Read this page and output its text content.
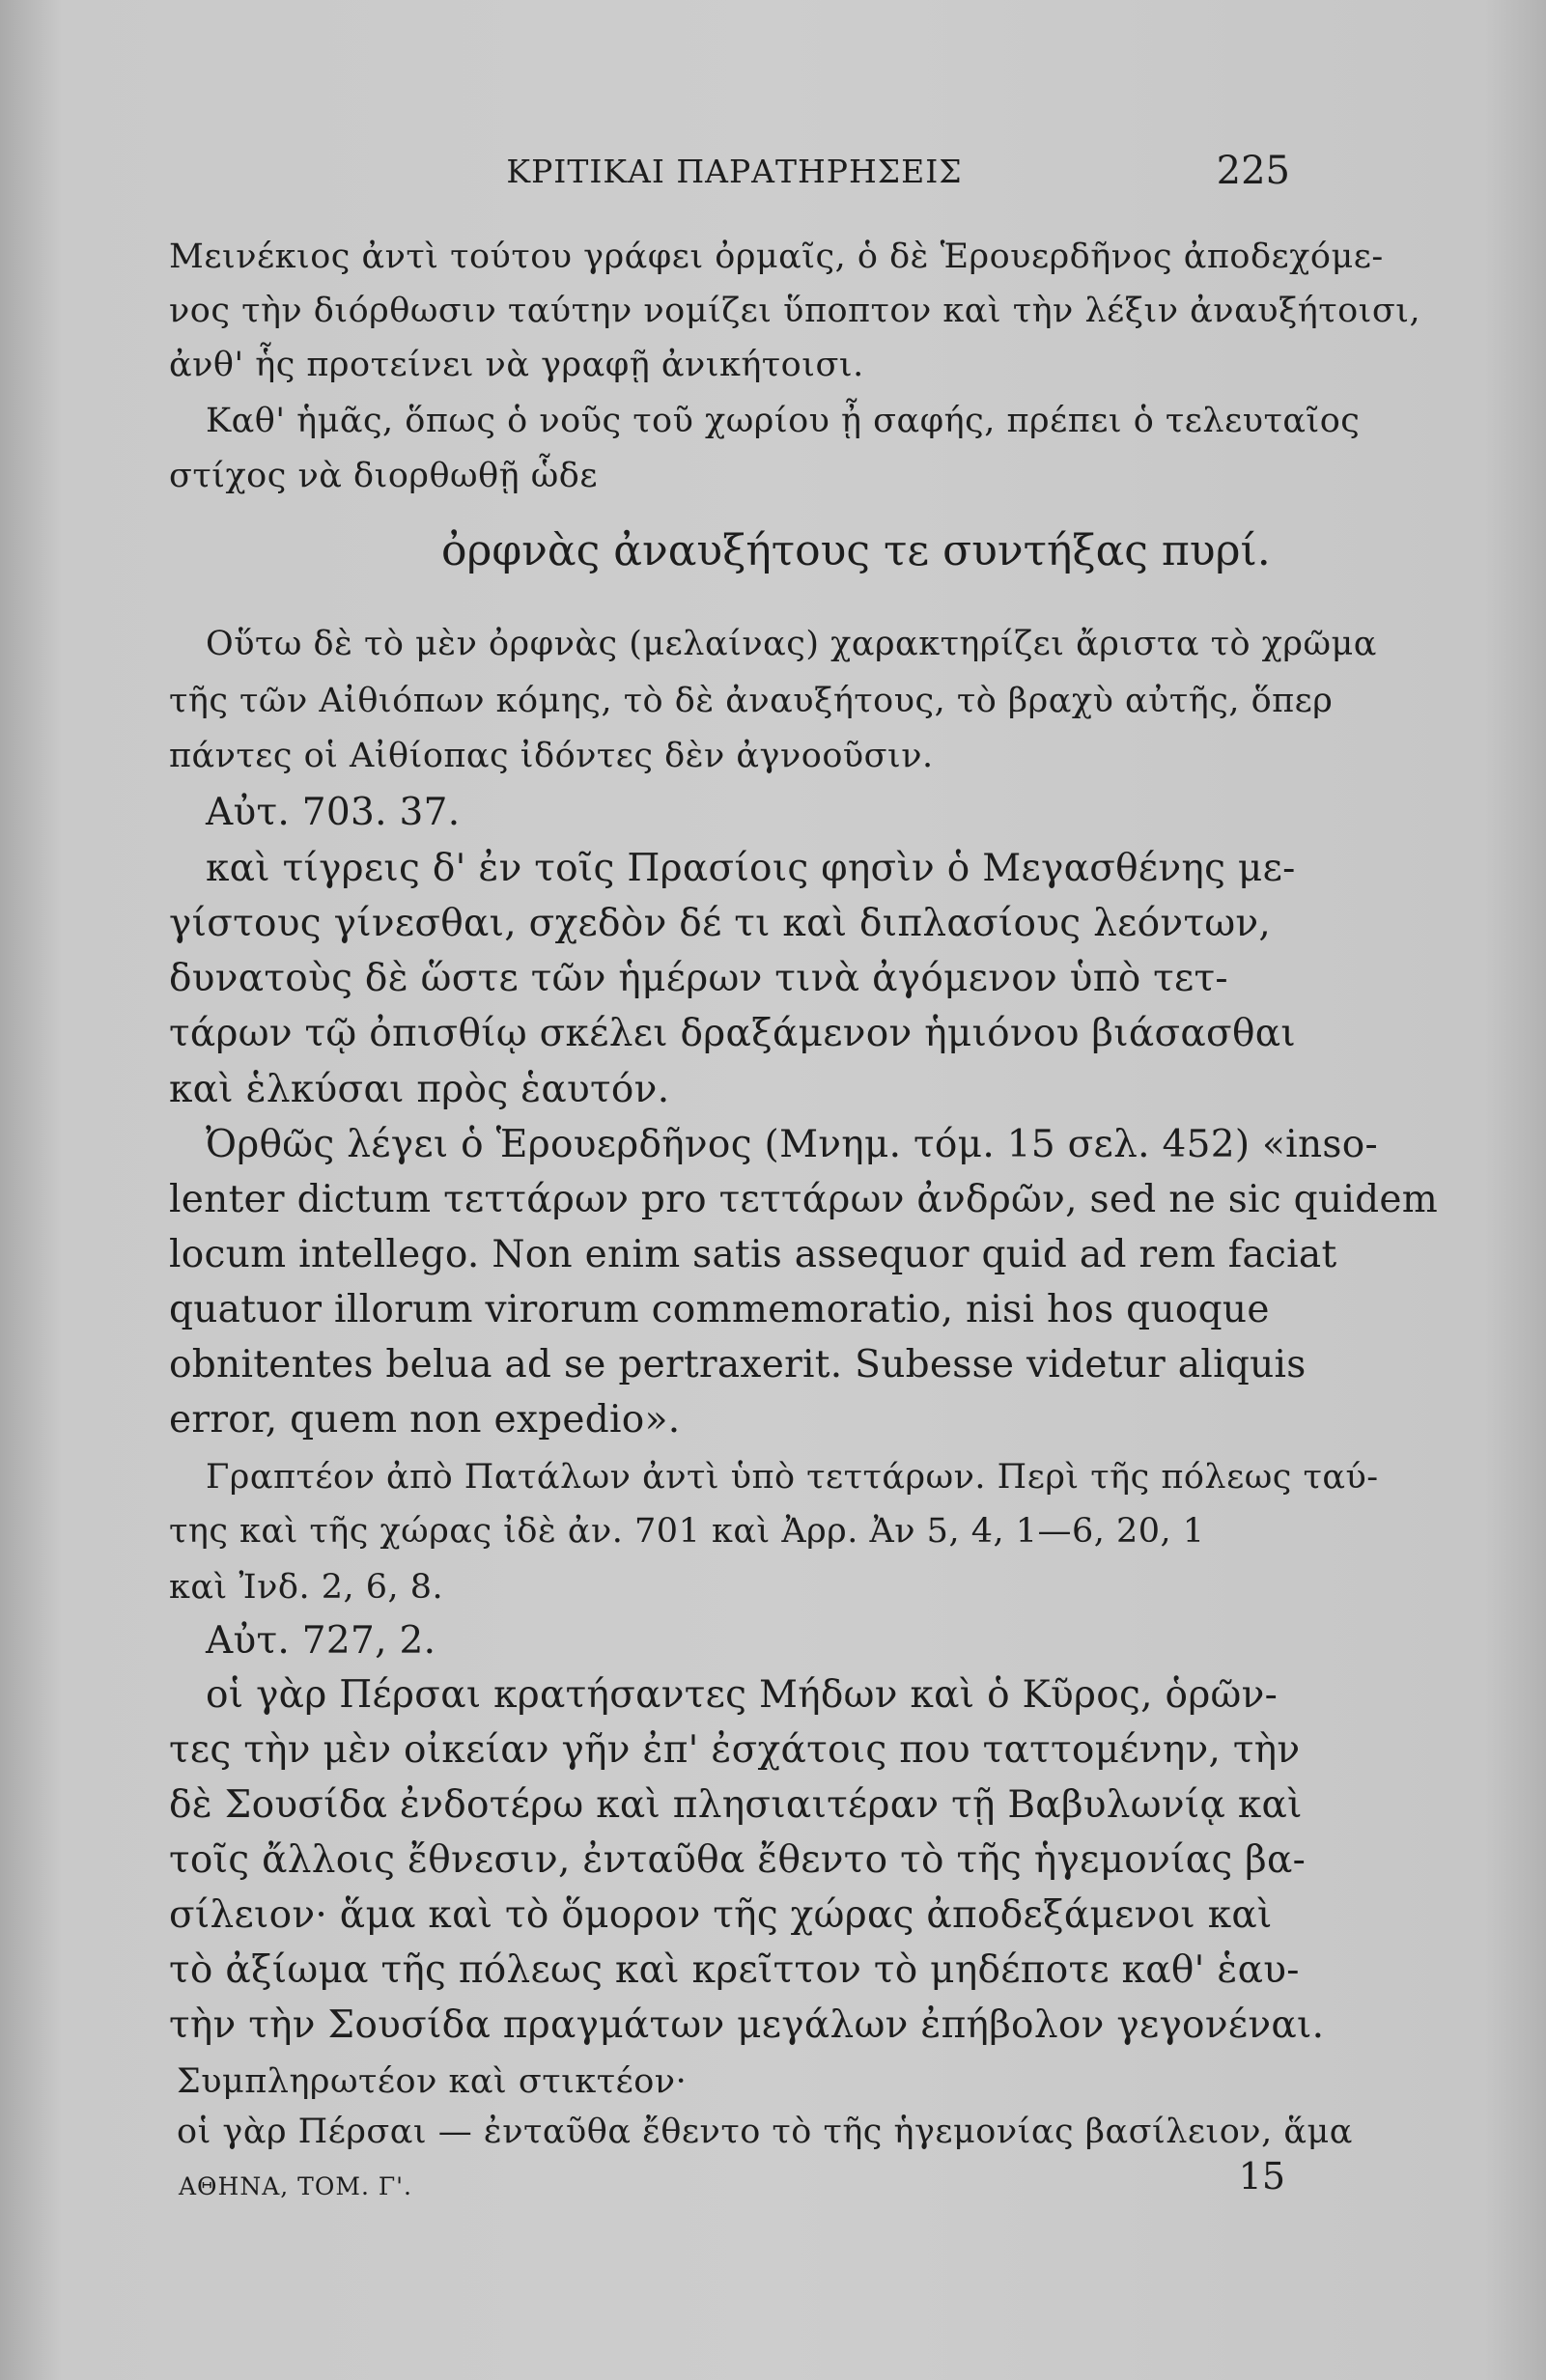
ΚΡΙΤΙΚΑΙ ΠΑΡΑΤΗΡΗΣΕΙΣ	225

Μεινέκιος ἀντὶ τούτου γράφει ὀρμαῖς, ὁ δὲ Ἑρουερδῆνος ἀποδεχόμε-

νος τὴν διόρθωσιν ταύτην νομίζει ὕποπτον καὶ τὴν λέξιν ἀναυξήτοισι,

ἀνθ' ἧς προτείνει νὰ γραφῇ ἀνικήτοισι.

Καθ' ἡμᾶς, ὅπως ὁ νοῦς τοῦ χωρίου ᾖ σαφής, πρέπει ὁ τελευταῖος

στίχος νὰ διορθωθῇ ὧδε

ὀρφνὰς ἀναυξήτους τε συντήξας πυρί.

Οὕτω δὲ τὸ μὲν ὀρφνὰς (μελαίνας) χαρακτηρίζει ἄριστα τὸ χρῶμα

τῆς τῶν Αἰθιόπων κόμης, τὸ δὲ ἀναυξήτους, τὸ βραχὺ αὐτῆς, ὅπερ

πάντες οἱ Αἰθίοπας ἰδόντες δὲν ἀγνοοῦσιν.

Αὐτ. 703. 37.

καὶ τίγρεις δ' ἐν τοῖς Πρασίοις φησὶν ὁ Μεγασθένης με-

γίστους γίνεσθαι, σχεδὸν δέ τι καὶ διπλασίους λεόντων,

δυνατοὺς δὲ ὥστε τῶν ἡμέρων τινὰ ἀγόμενον ὑπὸ τετ-

τάρων τῷ ὀπισθίῳ σκέλει δραξάμενον ἡμιόνου βιάσασθαι

καὶ ἑλκύσαι πρὸς ἑαυτόν.

Ὀρθῶς λέγει ὁ Ἑρουερδῆνος (Μνημ. τόμ. 15 σελ. 452) «inso-

lenter dictum τεττάρων pro τεττάρων ἀνδρῶν, sed ne sic quidem

locum intellego. Non enim satis assequor quid ad rem faciat

quatuor illorum virorum commemoratio, nisi hos quoque

obnitentes belua ad se pertraxerit. Subesse videtur aliquis

error, quem non expedio».

Γραπτέον ἀπὸ Πατάλων ἀντὶ ὑπὸ τεττάρων. Περὶ τῆς πόλεως ταύ-

της καὶ τῆς χώρας ἰδὲ ἀν. 701 καὶ Ἀρρ. Ἀν 5, 4, 1—6, 20, 1

καὶ Ἰνδ. 2, 6, 8.

Αὐτ. 727, 2.

οἱ γὰρ Πέρσαι κρατήσαντες Μήδων καὶ ὁ Κῦρος, ὁρῶν-

τες τὴν μὲν οἰκείαν γῆν ἐπ' ἐσχάτοις που ταττομένην, τὴν

δὲ Σουσίδα ἐνδοτέρω καὶ πλησιαιτέραν τῇ Βαβυλωνίᾳ καὶ

τοῖς ἄλλοις ἔθνεσιν, ἐνταῦθα ἔθεντο τὸ τῆς ἡγεμονίας βα-

σίλειον· ἅμα καὶ τὸ ὅμορον τῆς χώρας ἀποδεξάμενοι καὶ

τὸ ἀξίωμα τῆς πόλεως καὶ κρεῖττον τὸ μηδέποτε καθ' ἑαυ-

τὴν τὴν Σουσίδα πραγμάτων μεγάλων ἐπήβολον γεγονέναι.

Συμπληρωτέον καὶ στικτέον·

οἱ γὰρ Πέρσαι — ἐνταῦθα ἔθεντο τὸ τῆς ἡγεμονίας βασίλειον, ἅμα

ΑΘΗΝΑ, ΤΟΜ. Γ'.	15
